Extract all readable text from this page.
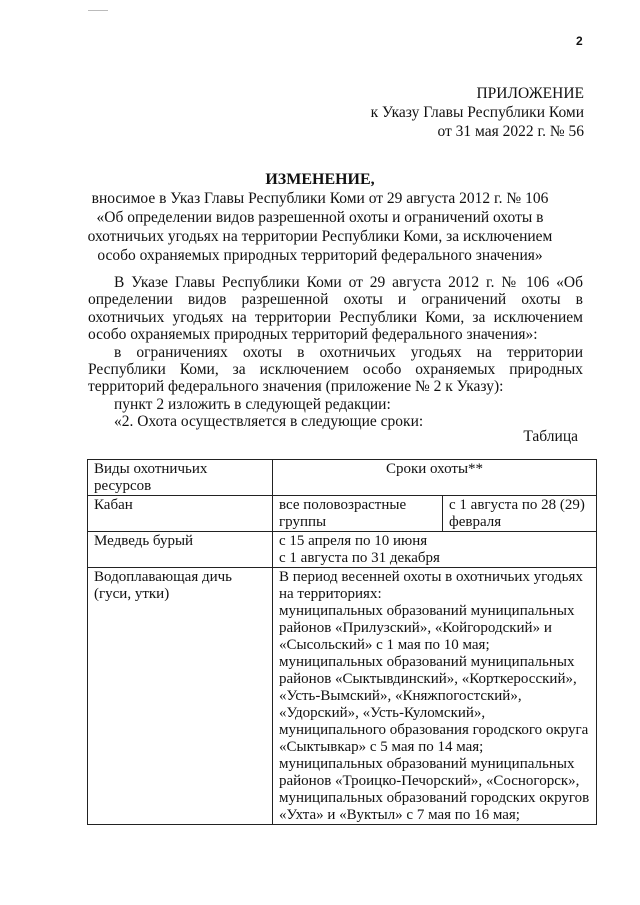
2
ПРИЛОЖЕНИЕ
к Указу Главы Республики Коми
от 31 мая 2022 г. № 56
ИЗМЕНЕНИЕ,
вносимое в Указ Главы Республики Коми от 29 августа 2012 г. № 106
«Об определении видов разрешенной охоты и ограничений охоты в
охотничьих угодьях на территории Республики Коми, за исключением
особо охраняемых природных территорий федерального значения»

В Указе Главы Республики Коми от 29 августа 2012 г. № 106 «Об определении видов разрешенной охоты и ограничений охоты в охотничьих угодьях на территории Республики Коми, за исключением особо охраняемых природных территорий федерального значения»:

в ограничениях охоты в охотничьих угодьях на территории Республики Коми, за исключением особо охраняемых природных территорий федерального значения (приложение № 2 к Указу):

пункт 2 изложить в следующей редакции:

«2. Охота осуществляется в следующие сроки:

Таблица
Виды охотничьих ресурсов	Сроки охоты**	
Кабан	все половозрастные группы	с 1 августа по 28 (29) февраля
Медведь бурый	с 15 апреля по 10 июня
с 1 августа по 31 декабря	

Водоплавающая дичь (гуси, утки)	В период весенней охоты в охотничьих угодьях на территориях:

муниципальных образований муниципальных районов «Прилузский», «Койгородский» и «Сысольский» с 1 мая по 10 мая;

муниципальных образований муниципальных районов «Сыктывдинский», «Корткеросский», «Усть-Вымский», «Княжпогостский», «Удорский», «Усть-Куломский», муниципального образования городского округа «Сыктывкар» с 5 мая по 14 мая;

муниципальных образований муниципальных районов «Троицко-Печорский», «Сосногорск», муниципальных образований городских округов «Ухта» и «Вуктыл» с 7 мая по 16 мая;	
